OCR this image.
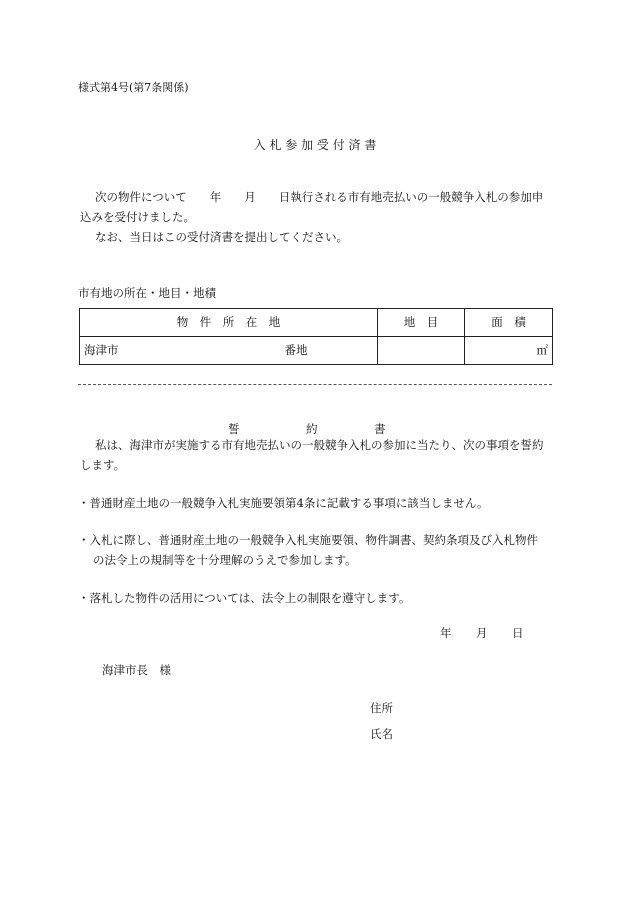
様式第4号(第7条関係)
入 札 参 加 受 付 済 書
次の物件について　　年　　月　　日執行される市有地売払いの一般競争入札の参加申
込みを受付けました。
なお、当日はこの受付済書を提出してください。
市有地の所在・地目・地積
物　件　所　在　地	地　目	面　積
海津市 番地		㎡
誓	約	書
私は、海津市が実施する市有地売払いの一般競争入札の参加に当たり、次の事項を誓約
します。
・普通財産土地の一般競争入札実施要領第4条に記載する事項に該当しません。
・入札に際し、普通財産土地の一般競争入札実施要領、物件調書、契約条項及び入札物件
の法令上の規制等を十分理解のうえで参加します。
・落札した物件の活用については、法令上の制限を遵守します。
年 月 日
海津市長　様
住所
氏名
